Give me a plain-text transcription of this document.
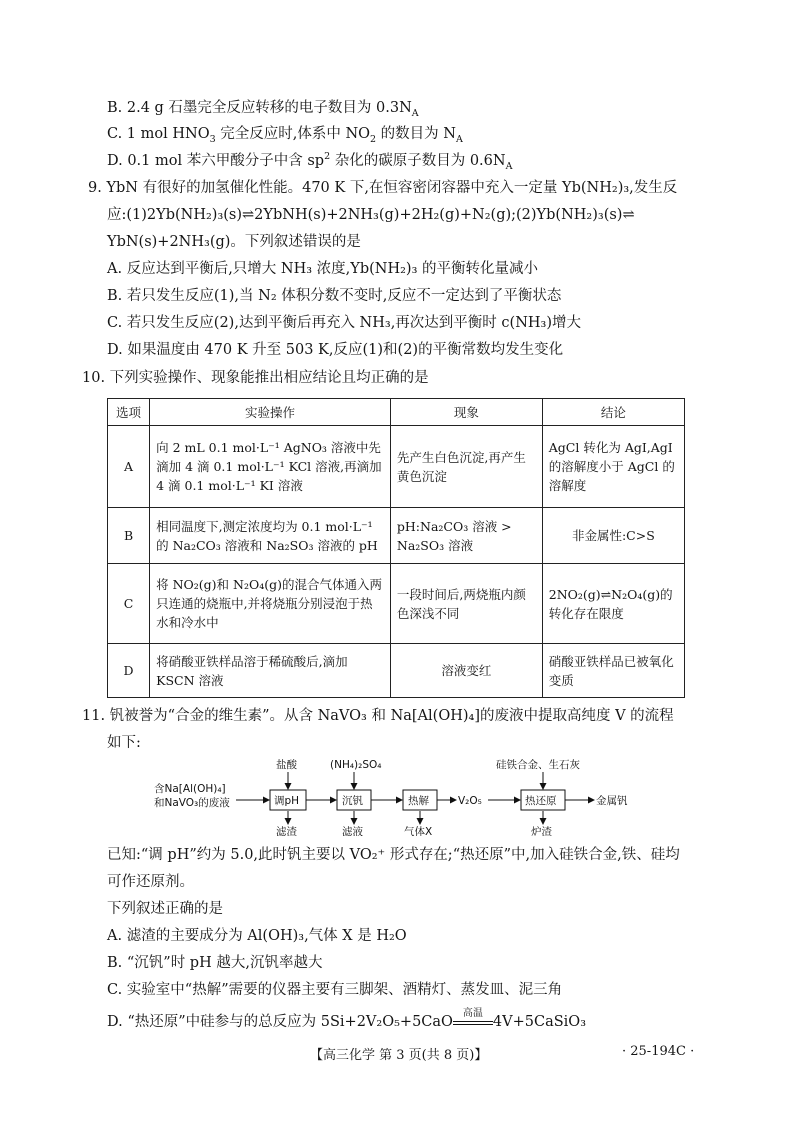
B. 2.4 g 石墨完全反应转移的电子数目为 $0.3N_A$
C. 1 mol $HNO_3$ 完全反应时,体系中 $NO_2$ 的数目为 $N_A$
D. 0.1 mol 苯六甲酸分子中含 $sp^2$ 杂化的碳原子数目为 $0.6N_A$
9. YbN 有很好的加氢催化性能。470 K 下,在恒容密闭容器中充入一定量 Yb(NH₂)₃,发生反
应:(1)2Yb(NH₂)₃(s)⇌2YbNH(s)+2NH₃(g)+2H₂(g)+N₂(g);(2)Yb(NH₂)₃(s)⇌
YbN(s)+2NH₃(g)。下列叙述错误的是
A. 反应达到平衡后,只增大 NH₃ 浓度,Yb(NH₂)₃ 的平衡转化量减小
B. 若只发生反应(1),当 N₂ 体积分数不变时,反应不一定达到了平衡状态
C. 若只发生反应(2),达到平衡后再充入 NH₃,再次达到平衡时 c(NH₃)增大
D. 如果温度由 470 K 升至 503 K,反应(1)和(2)的平衡常数均发生变化
10. 下列实验操作、现象能推出相应结论且均正确的是
选项	实验操作	现象	结论
A	向 2 mL 0.1 mol·L⁻¹ AgNO₃ 溶液中先滴加 4 滴 0.1 mol·L⁻¹ KCl 溶液,再滴加 4 滴 0.1 mol·L⁻¹ KI 溶液	先产生白色沉淀,再产生黄色沉淀	AgCl 转化为 AgI,AgI 的溶解度小于 AgCl 的溶解度
B	相同温度下,测定浓度均为 0.1 mol·L⁻¹ 的 Na₂CO₃ 溶液和 Na₂SO₃ 溶液的 pH	pH:Na₂CO₃ 溶液 > Na₂SO₃ 溶液	非金属性:C>S
C	将 NO₂(g)和 N₂O₄(g)的混合气体通入两只连通的烧瓶中,并将烧瓶分别浸泡于热水和冷水中	一段时间后,两烧瓶内颜色深浅不同	2NO₂(g)⇌N₂O₄(g)的转化存在限度
D	将硝酸亚铁样品溶于稀硫酸后,滴加 KSCN 溶液	溶液变红	硝酸亚铁样品已被氧化变质
11. 钒被誉为“合金的维生素”。从含 NaVO₃ 和 Na[Al(OH)₄]的废液中提取高纯度 V 的流程
如下:
含Na[Al(OH)₄]
和NaVO₃的废液	调pH
盐酸
滤渣
沉钒
(NH₄)₂SO₄
滤液
热解
气体X
V₂O₅	热还原
硅铁合金、生石灰
炉渣
金属钒
已知:“调 pH”约为 5.0,此时钒主要以 VO₂⁺ 形式存在;“热还原”中,加入硅铁合金,铁、硅均
可作还原剂。
下列叙述正确的是
A. 滤渣的主要成分为 Al(OH)₃,气体 X 是 H₂O
B. “沉钒”时 pH 越大,沉钒率越大
C. 实验室中“热解”需要的仪器主要有三脚架、酒精灯、蒸发皿、泥三角
D. “热还原”中硅参与的总反应为 5Si+2V₂O₅+5CaO
高温
4V+5CaSiO₃
【高三化学 第 3 页(共 8 页)】	· 25-194C ·
